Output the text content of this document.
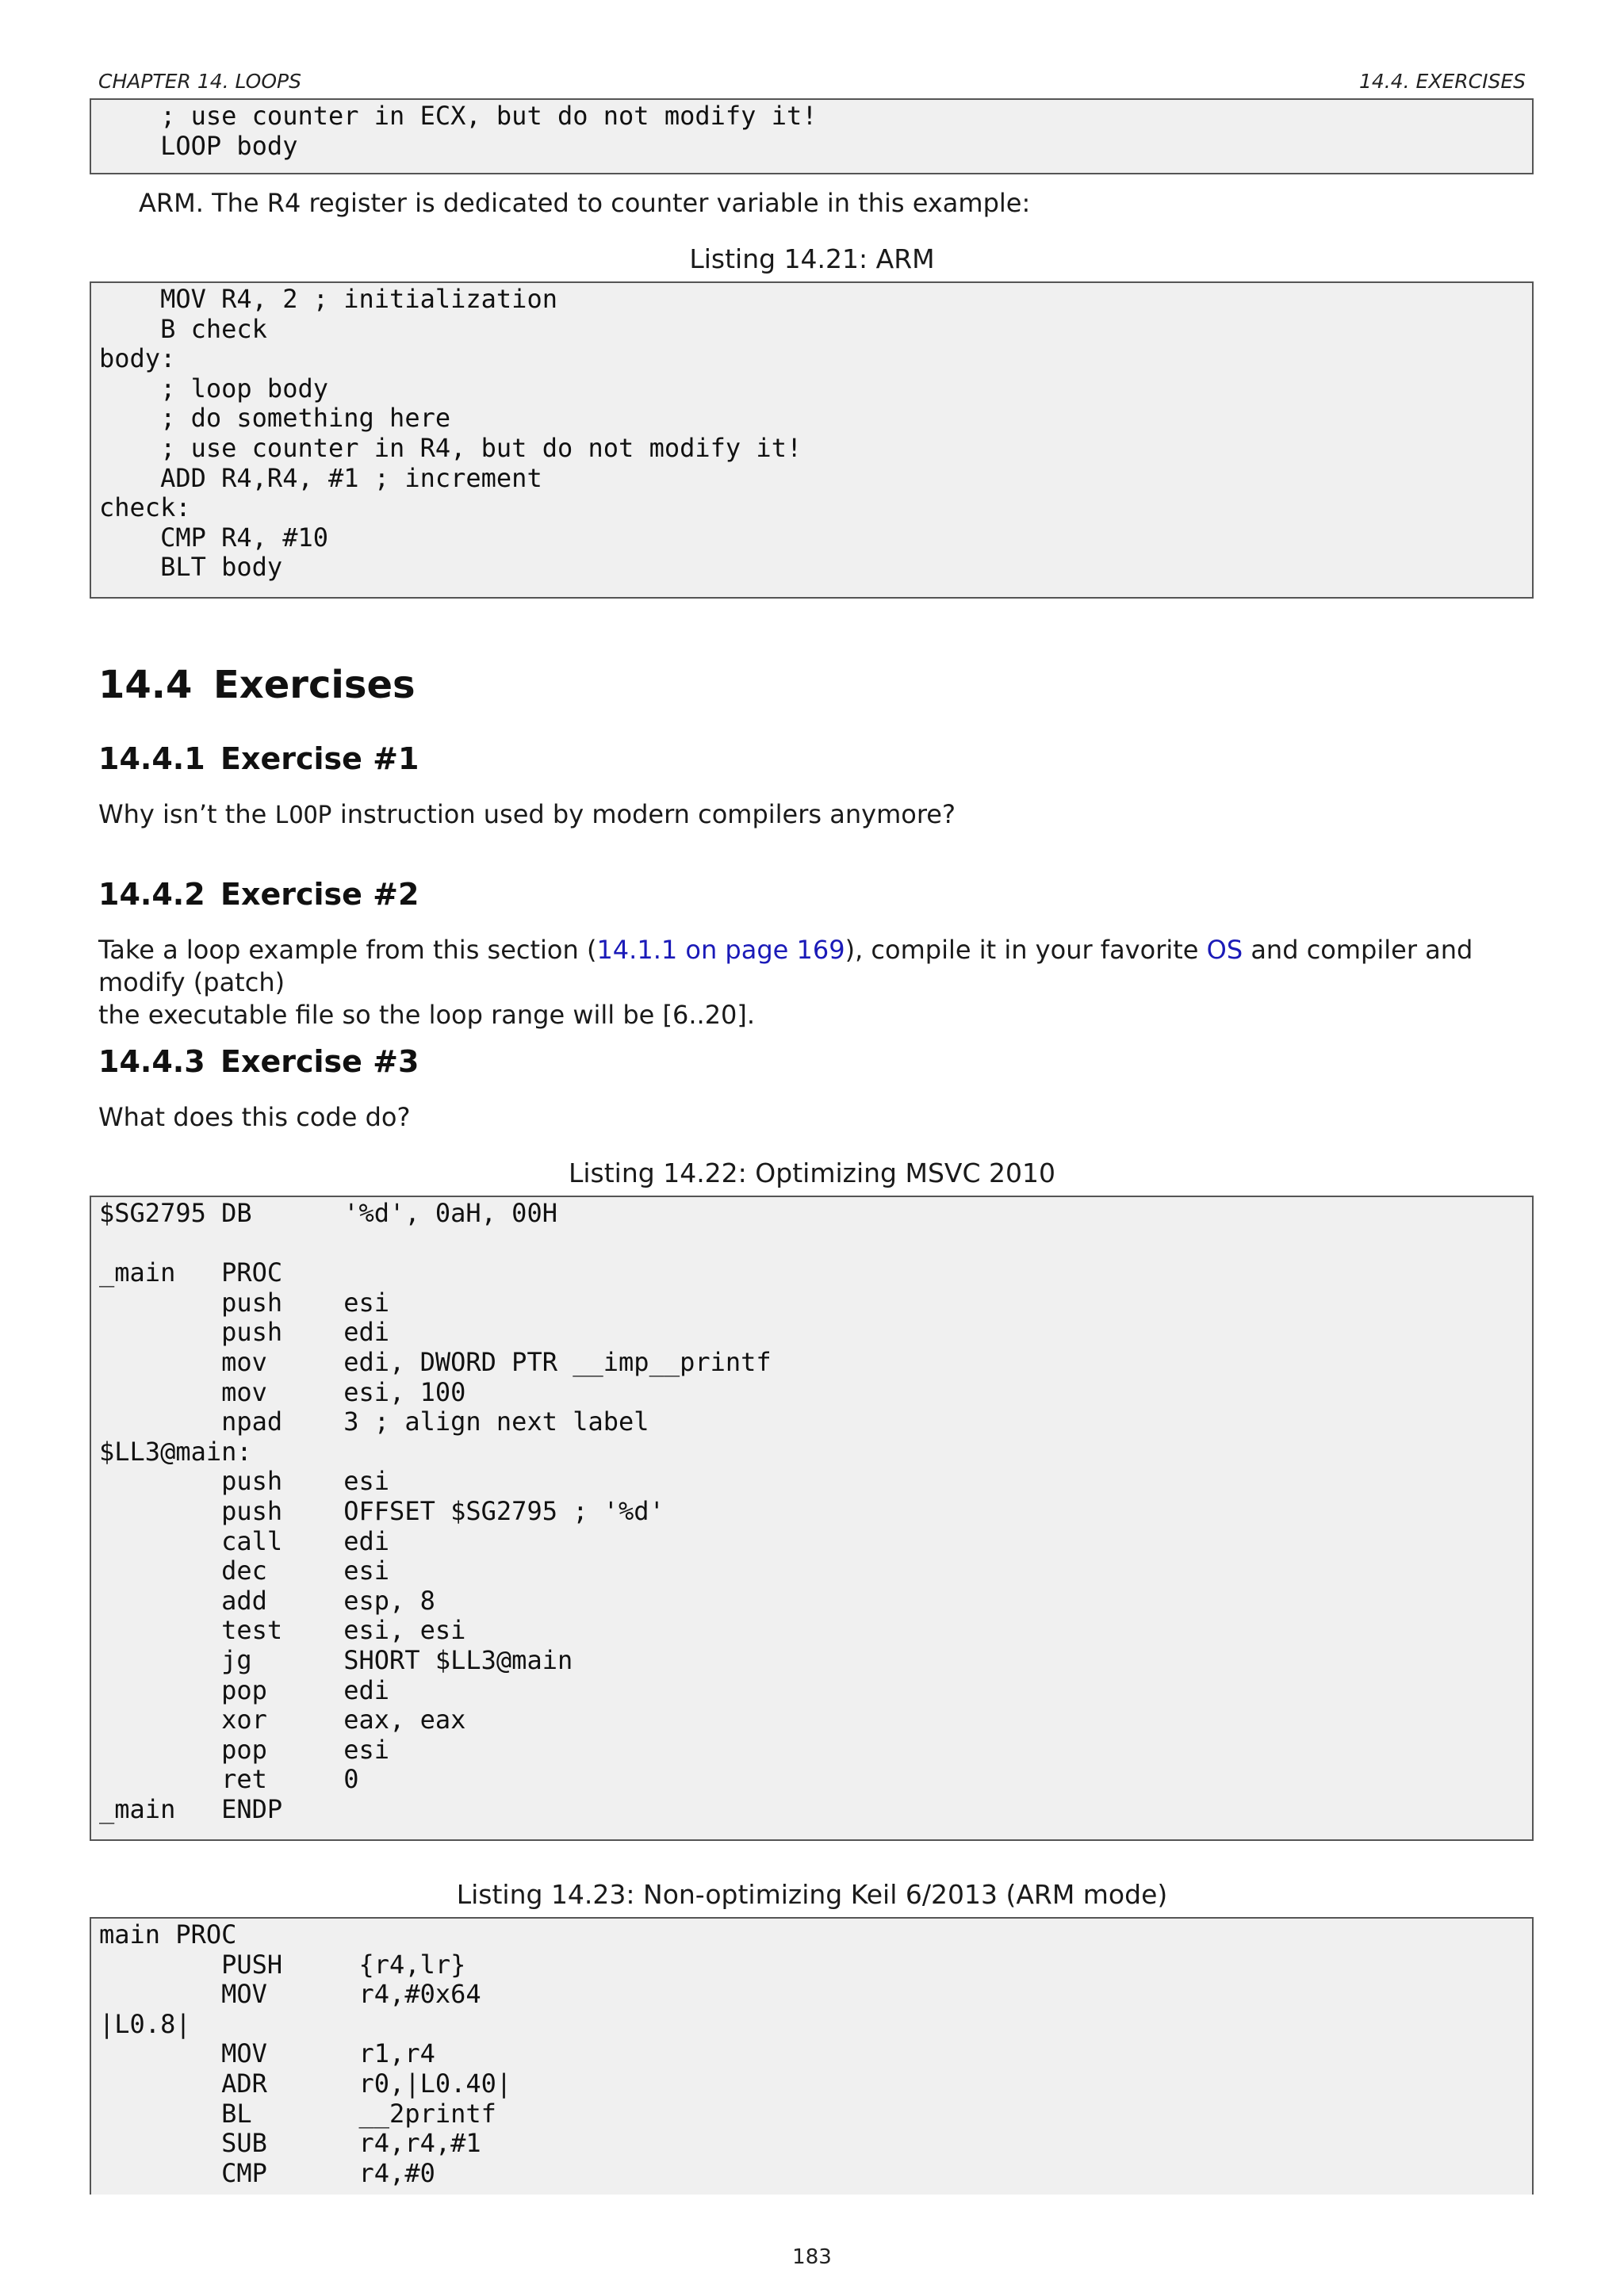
CHAPTER 14. LOOPS	14.4. EXERCISES
; use counter in ECX, but do not modify it!
LOOP body
ARM. The R4 register is dedicated to counter variable in this example:
Listing 14.21: ARM
MOV R4, 2 ; initialization
B check
body:
; loop body
; do something here
; use counter in R4, but do not modify it!
ADD R4,R4, #1 ; increment
check:
CMP R4, #10
BLT body
14.4 Exercises
14.4.1 Exercise #1
Why isn’t the LOOP instruction used by modern compilers anymore?
14.4.2 Exercise #2
Take a loop example from this section (14.1.1 on page 169), compile it in your favorite OS and compiler and modify (patch)
the executable file so the loop range will be [6..20].
14.4.3 Exercise #3
What does this code do?
Listing 14.22: Optimizing MSVC 2010
$SG2795 DB      '%d', 0aH, 00H
_main   PROC
push    esi
push    edi
mov     edi, DWORD PTR __imp__printf
mov     esi, 100
npad    3 ; align next label
$LL3@main:
push    esi
push    OFFSET $SG2795 ; '%d'
call    edi
dec     esi
add     esp, 8
test    esi, esi
jg      SHORT $LL3@main
pop     edi
xor     eax, eax
pop     esi
ret     0
_main   ENDP
Listing 14.23: Non-optimizing Keil 6/2013 (ARM mode)
main PROC
PUSH     {r4,lr}
MOV      r4,#0x64
|L0.8|
MOV      r1,r4
ADR      r0,|L0.40|
BL       __2printf
SUB      r4,r4,#1
CMP      r4,#0
183
